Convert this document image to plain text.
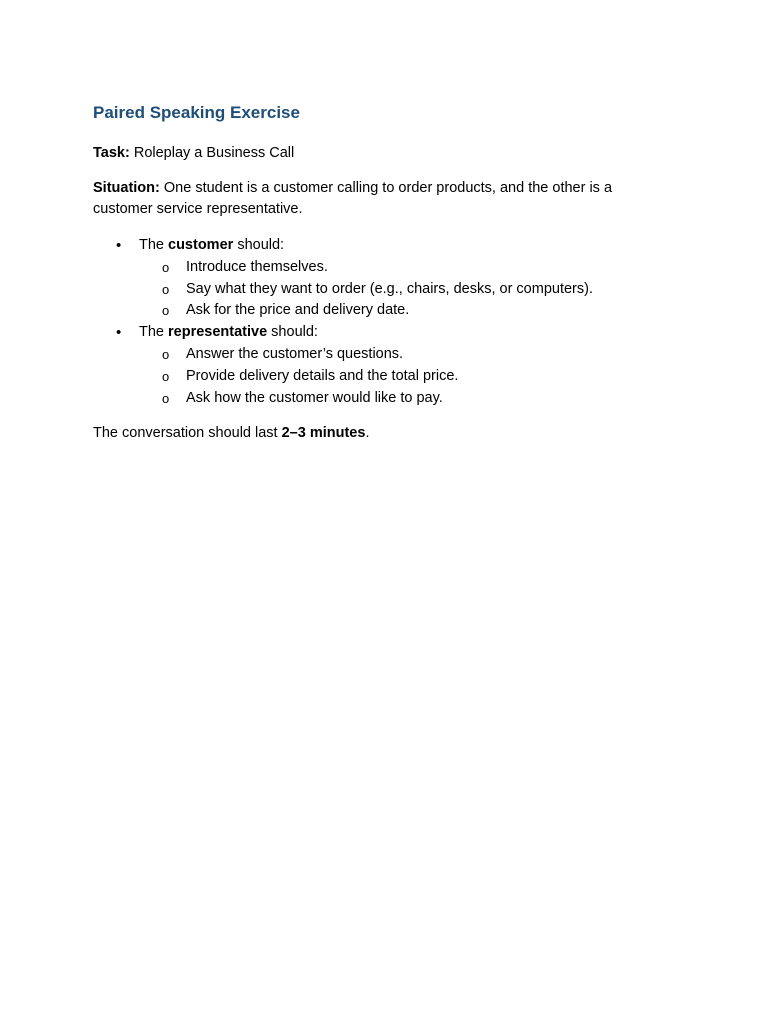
Paired Speaking Exercise

Task: Roleplay a Business Call

Situation: One student is a customer calling to order products, and the other is a customer service representative.

• The customer should:
o Introduce themselves.
o Say what they want to order (e.g., chairs, desks, or computers).
o Ask for the price and delivery date.
• The representative should:
o Answer the customer’s questions.
o Provide delivery details and the total price.
o Ask how the customer would like to pay.

The conversation should last 2–3 minutes.
